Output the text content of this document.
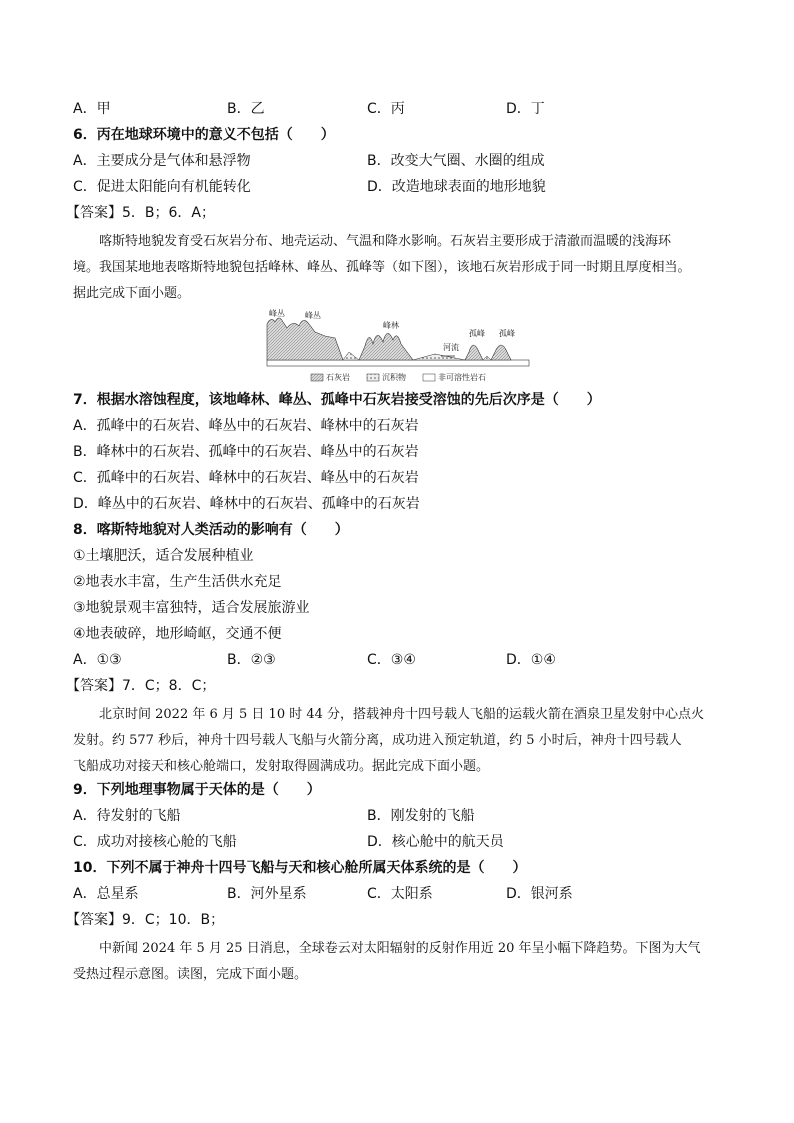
A．甲	B．乙	C．丙	D．丁
6．丙在地球环境中的意义不包括（　　）
A．主要成分是气体和悬浮物	B．改变大气圈、水圈的组成
C．促进太阳能向有机能转化	D．改造地球表面的地形地貌
【答案】5．B；6．A；
喀斯特地貌发育受石灰岩分布、地壳运动、气温和降水影响。石灰岩主要形成于清澈而温暖的浅海环
境。我国某地地表喀斯特地貌包括峰林、峰丛、孤峰等（如下图），该地石灰岩形成于同一时期且厚度相当。
据此完成下面小题。
峰丛	峰丛
峰林
河流
孤峰 孤峰
石灰岩	沉积物	非可溶性岩石
7．根据水溶蚀程度，该地峰林、峰丛、孤峰中石灰岩接受溶蚀的先后次序是（　　）
A．孤峰中的石灰岩、峰丛中的石灰岩、峰林中的石灰岩
B．峰林中的石灰岩、孤峰中的石灰岩、峰丛中的石灰岩
C．孤峰中的石灰岩、峰林中的石灰岩、峰丛中的石灰岩
D．峰丛中的石灰岩、峰林中的石灰岩、孤峰中的石灰岩
8．喀斯特地貌对人类活动的影响有（　　）
①土壤肥沃，适合发展种植业
②地表水丰富，生产生活供水充足
③地貌景观丰富独特，适合发展旅游业
④地表破碎，地形崎岖，交通不便
A．①③	B．②③	C．③④	D．①④
【答案】7．C；8．C；
北京时间 2022 年 6 月 5 日 10 时 44 分，搭载神舟十四号载人飞船的运载火箭在酒泉卫星发射中心点火
发射。约 577 秒后，神舟十四号载人飞船与火箭分离，成功进入预定轨道，约 5 小时后，神舟十四号载人
飞船成功对接天和核心舱端口，发射取得圆满成功。据此完成下面小题。
9．下列地理事物属于天体的是（　　）
A．待发射的飞船	B．刚发射的飞船
C．成功对接核心舱的飞船	D．核心舱中的航天员
10．下列不属于神舟十四号飞船与天和核心舱所属天体系统的是（　　）
A．总星系	B．河外星系	C．太阳系	D．银河系
【答案】9．C；10．B；
中新闻 2024 年 5 月 25 日消息，全球卷云对太阳辐射的反射作用近 20 年呈小幅下降趋势。下图为大气
受热过程示意图。读图，完成下面小题。
